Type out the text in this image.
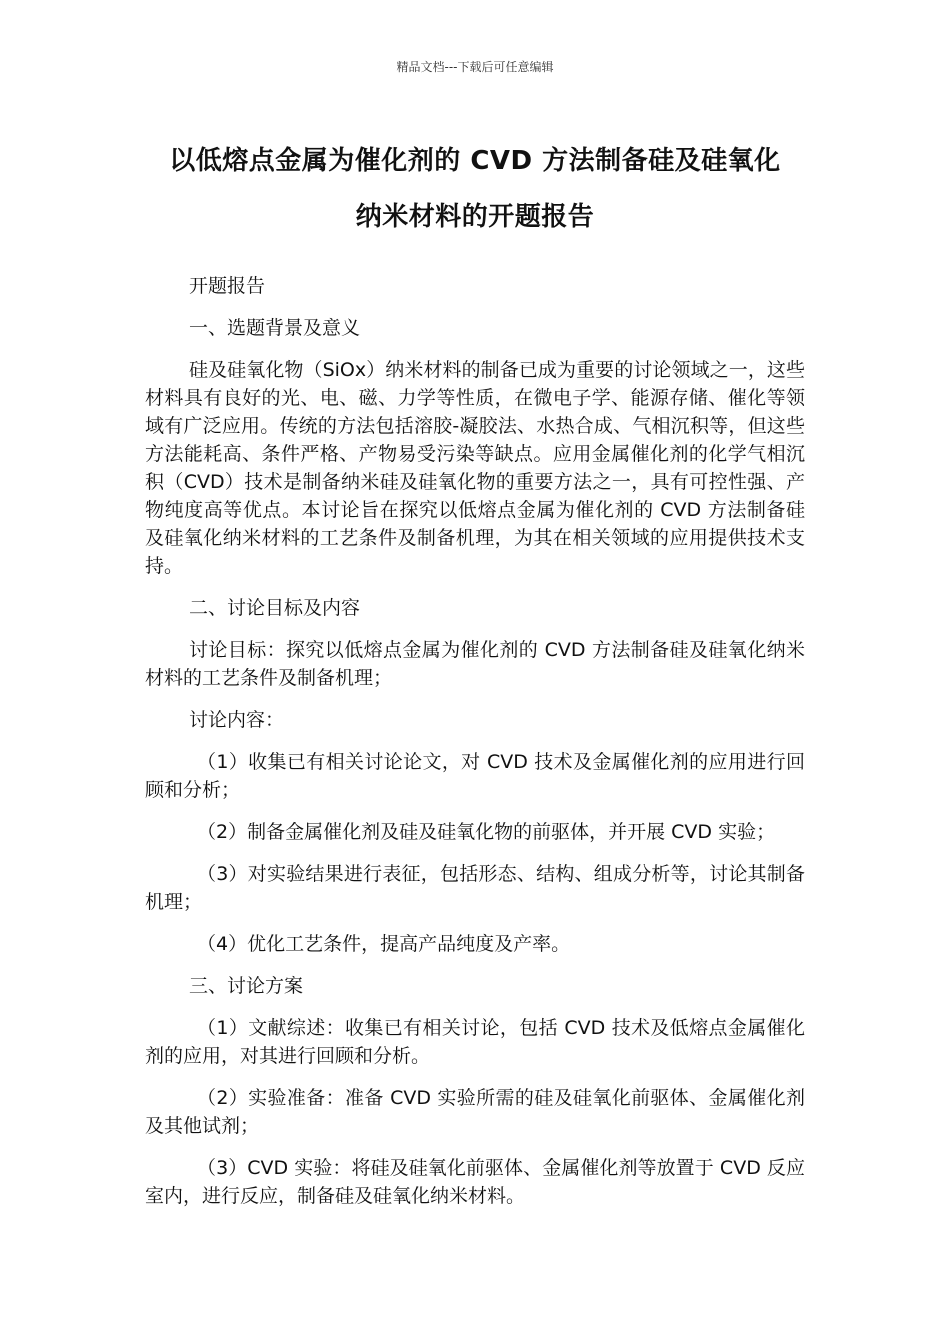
精品文档---下载后可任意编辑
以低熔点金属为催化剂的 CVD 方法制备硅及硅氧化
纳米材料的开题报告

开题报告

一、选题背景及意义

硅及硅氧化物（SiOx）纳米材料的制备已成为重要的讨论领域之一，这些材料具有良好的光、电、磁、力学等性质，在微电子学、能源存储、催化等领域有广泛应用。传统的方法包括溶胶-凝胶法、水热合成、气相沉积等，但这些方法能耗高、条件严格、产物易受污染等缺点。应用金属催化剂的化学气相沉积（CVD）技术是制备纳米硅及硅氧化物的重要方法之一，具有可控性强、产物纯度高等优点。本讨论旨在探究以低熔点金属为催化剂的 CVD 方法制备硅及硅氧化纳米材料的工艺条件及制备机理，为其在相关领域的应用提供技术支持。

二、讨论目标及内容

讨论目标：探究以低熔点金属为催化剂的 CVD 方法制备硅及硅氧化纳米材料的工艺条件及制备机理；

讨论内容：

（1）收集已有相关讨论论文，对 CVD 技术及金属催化剂的应用进行回顾和分析；

（2）制备金属催化剂及硅及硅氧化物的前驱体，并开展 CVD 实验；

（3）对实验结果进行表征，包括形态、结构、组成分析等，讨论其制备机理；

（4）优化工艺条件，提高产品纯度及产率。

三、讨论方案

（1）文献综述：收集已有相关讨论，包括 CVD 技术及低熔点金属催化剂的应用，对其进行回顾和分析。

（2）实验准备：准备 CVD 实验所需的硅及硅氧化前驱体、金属催化剂及其他试剂；

（3）CVD 实验：将硅及硅氧化前驱体、金属催化剂等放置于 CVD 反应室内，进行反应，制备硅及硅氧化纳米材料。
